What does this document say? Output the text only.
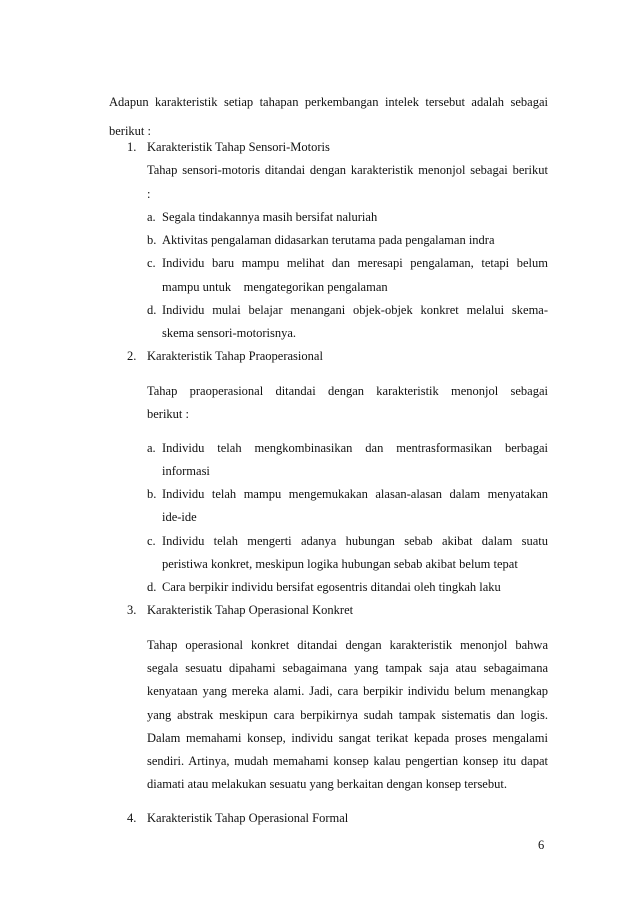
Adapun karakteristik setiap tahapan perkembangan intelek tersebut adalah sebagai
berikut :
1. Karakteristik Tahap Sensori-Motoris
Tahap sensori-motoris ditandai dengan karakteristik menonjol sebagai berikut
:
a. Segala tindakannya masih bersifat naluriah
b. Aktivitas pengalaman didasarkan terutama pada pengalaman indra
c. Individu baru mampu melihat dan meresapi pengalaman, tetapi belum
mampu untuk    mengategorikan pengalaman
d. Individu mulai belajar menangani objek-objek konkret melalui skema-
skema sensori-motorisnya.
2. Karakteristik Tahap Praoperasional
Tahap praoperasional ditandai dengan karakteristik menonjol sebagai
berikut :
a. Individu telah mengkombinasikan dan mentrasformasikan berbagai
informasi
b. Individu telah mampu mengemukakan alasan-alasan dalam menyatakan
ide-ide
c. Individu telah mengerti adanya hubungan sebab akibat dalam suatu
peristiwa konkret, meskipun logika hubungan sebab akibat belum tepat
d. Cara berpikir individu bersifat egosentris ditandai oleh tingkah laku
3. Karakteristik Tahap Operasional Konkret
Tahap operasional konkret ditandai dengan karakteristik menonjol bahwa
segala sesuatu dipahami sebagaimana yang tampak saja atau sebagaimana
kenyataan yang mereka alami. Jadi, cara berpikir individu belum menangkap
yang abstrak meskipun cara berpikirnya sudah tampak sistematis dan logis.
Dalam memahami konsep, individu sangat terikat kepada proses mengalami
sendiri. Artinya, mudah memahami konsep kalau pengertian konsep itu dapat
diamati atau melakukan sesuatu yang berkaitan dengan konsep tersebut.
4. Karakteristik Tahap Operasional Formal
6
